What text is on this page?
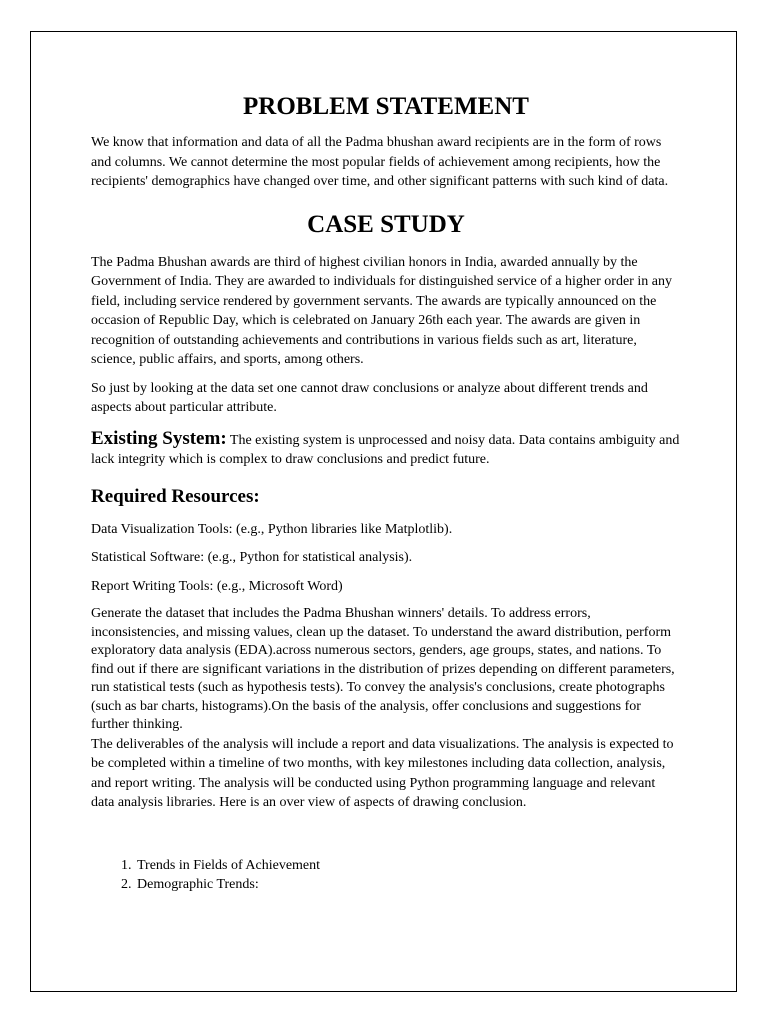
PROBLEM STATEMENT

We know that information and data of all the Padma bhushan award recipients are in the form of rows and columns. We cannot determine the most popular fields of achievement among recipients, how the recipients' demographics have changed over time, and other significant patterns with such kind of data.

CASE STUDY

The Padma Bhushan awards are third of highest civilian honors in India, awarded annually by the Government of India. They are awarded to individuals for distinguished service of a higher order in any field, including service rendered by government servants. The awards are typically announced on the occasion of Republic Day, which is celebrated on January 26th each year. The awards are given in recognition of outstanding achievements and contributions in various fields such as art, literature, science, public affairs, and sports, among others.

So just by looking at the data set one cannot draw conclusions or analyze about different trends and aspects about particular attribute.

Existing System: The existing system is unprocessed and noisy data. Data contains ambiguity and lack integrity which is complex to draw conclusions and predict future.

Required Resources:

Data Visualization Tools: (e.g., Python libraries like Matplotlib).

Statistical Software: (e.g., Python for statistical analysis).

Report Writing Tools: (e.g., Microsoft Word)

Generate the dataset that includes the Padma Bhushan winners' details. To address errors, inconsistencies, and missing values, clean up the dataset. To understand the award distribution, perform exploratory data analysis (EDA).across numerous sectors, genders, age groups, states, and nations. To find out if there are significant variations in the distribution of prizes depending on different parameters, run statistical tests (such as hypothesis tests). To convey the analysis's conclusions, create photographs (such as bar charts, histograms).On the basis of the analysis, offer conclusions and suggestions for further thinking.

The deliverables of the analysis will include a report and data visualizations. The analysis is expected to be completed within a timeline of two months, with key milestones including data collection, analysis, and report writing. The analysis will be conducted using Python programming language and relevant data analysis libraries. Here is an over view of aspects of drawing conclusion.

1. Trends in Fields of Achievement
2. Demographic Trends:
